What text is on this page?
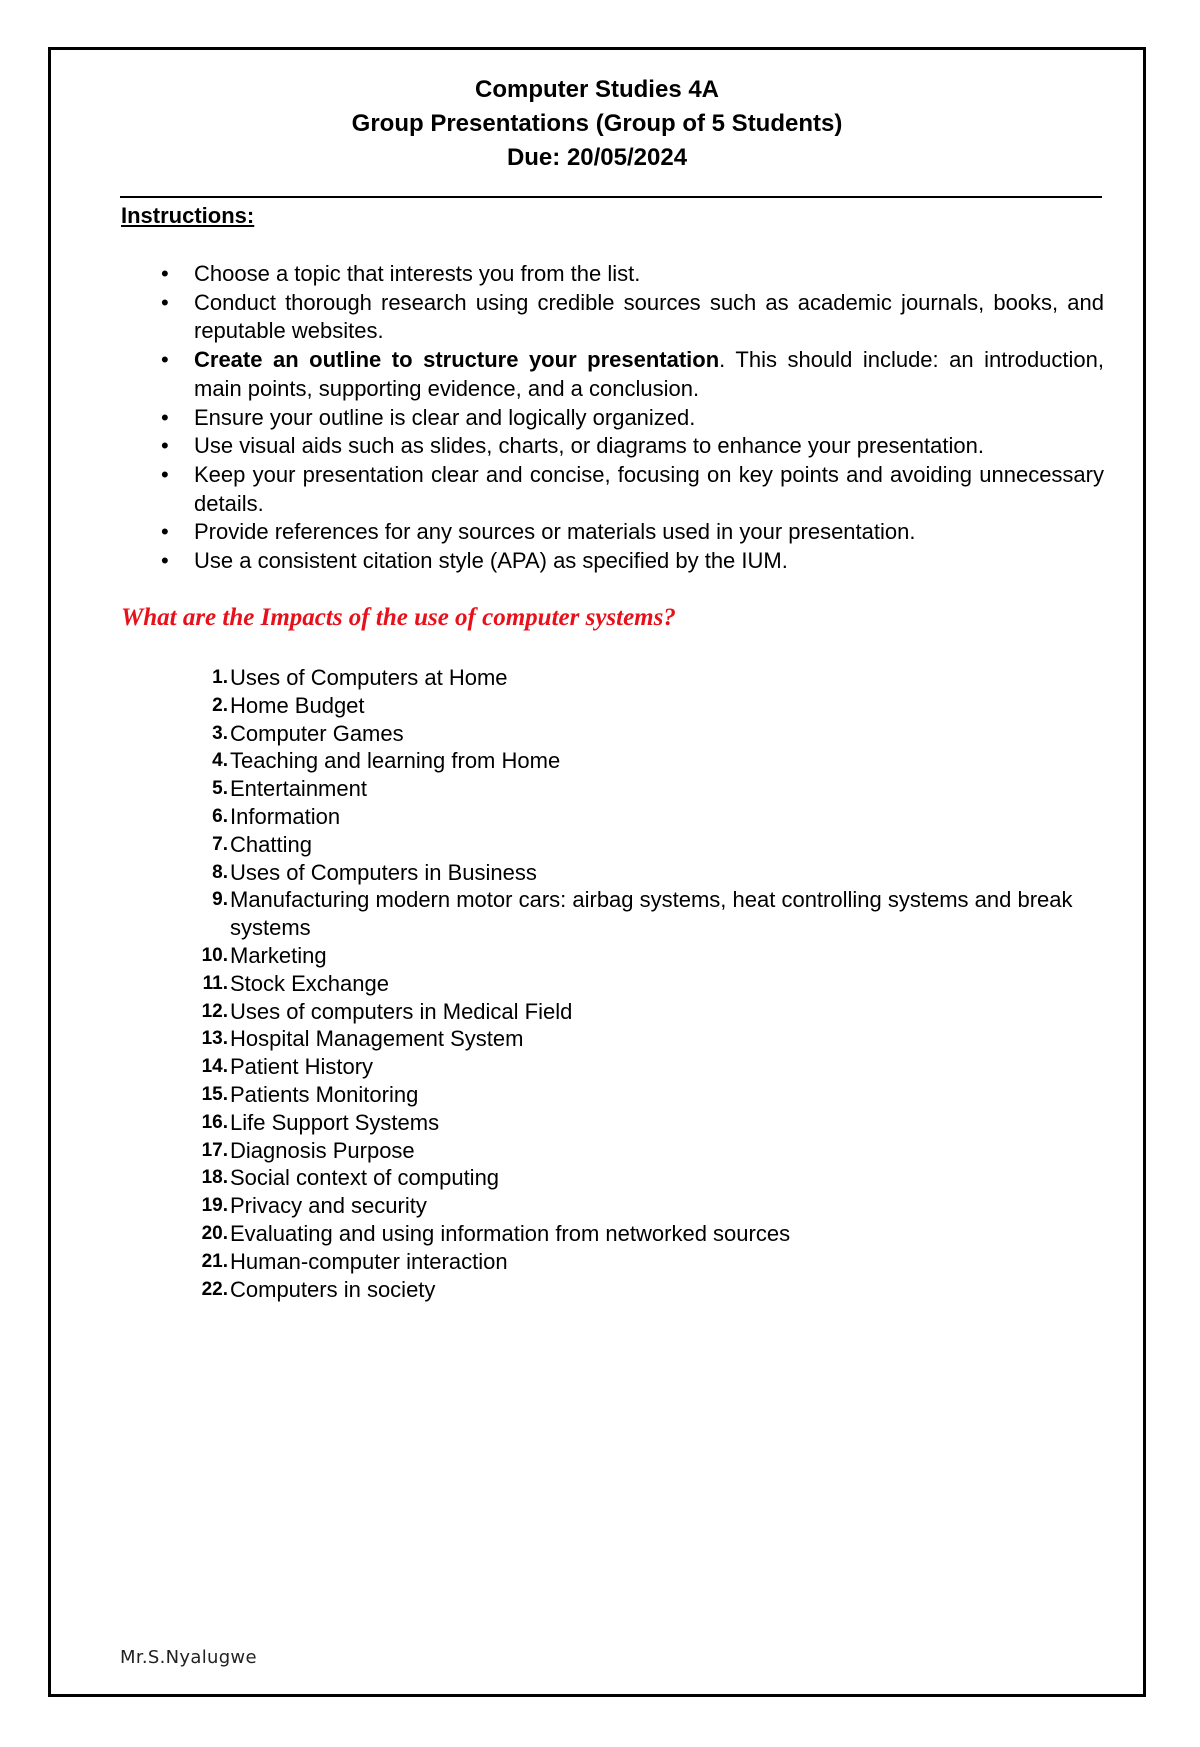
Computer Studies 4A
Group Presentations (Group of 5 Students)
Due: 20/05/2024
Instructions:
• Choose a topic that interests you from the list.
• Conduct thorough research using credible sources such as academic journals, books, and reputable websites.
• Create an outline to structure your presentation. This should include: an introduction, main points, supporting evidence, and a conclusion.
• Ensure your outline is clear and logically organized.
• Use visual aids such as slides, charts, or diagrams to enhance your presentation.
• Keep your presentation clear and concise, focusing on key points and avoiding unnecessary details.
• Provide references for any sources or materials used in your presentation.
• Use a consistent citation style (APA) as specified by the IUM.
What are the Impacts of the use of computer systems?
1. Uses of Computers at Home
2. Home Budget
3. Computer Games
4. Teaching and learning from Home
5. Entertainment
6. Information
7. Chatting
8. Uses of Computers in Business
9. Manufacturing modern motor cars: airbag systems, heat controlling systems and break systems
10. Marketing
11. Stock Exchange
12. Uses of computers in Medical Field
13. Hospital Management System
14. Patient History
15. Patients Monitoring
16. Life Support Systems
17. Diagnosis Purpose
18. Social context of computing
19. Privacy and security
20. Evaluating and using information from networked sources
21. Human-computer interaction
22. Computers in society
Mr.S.Nyalugwe
